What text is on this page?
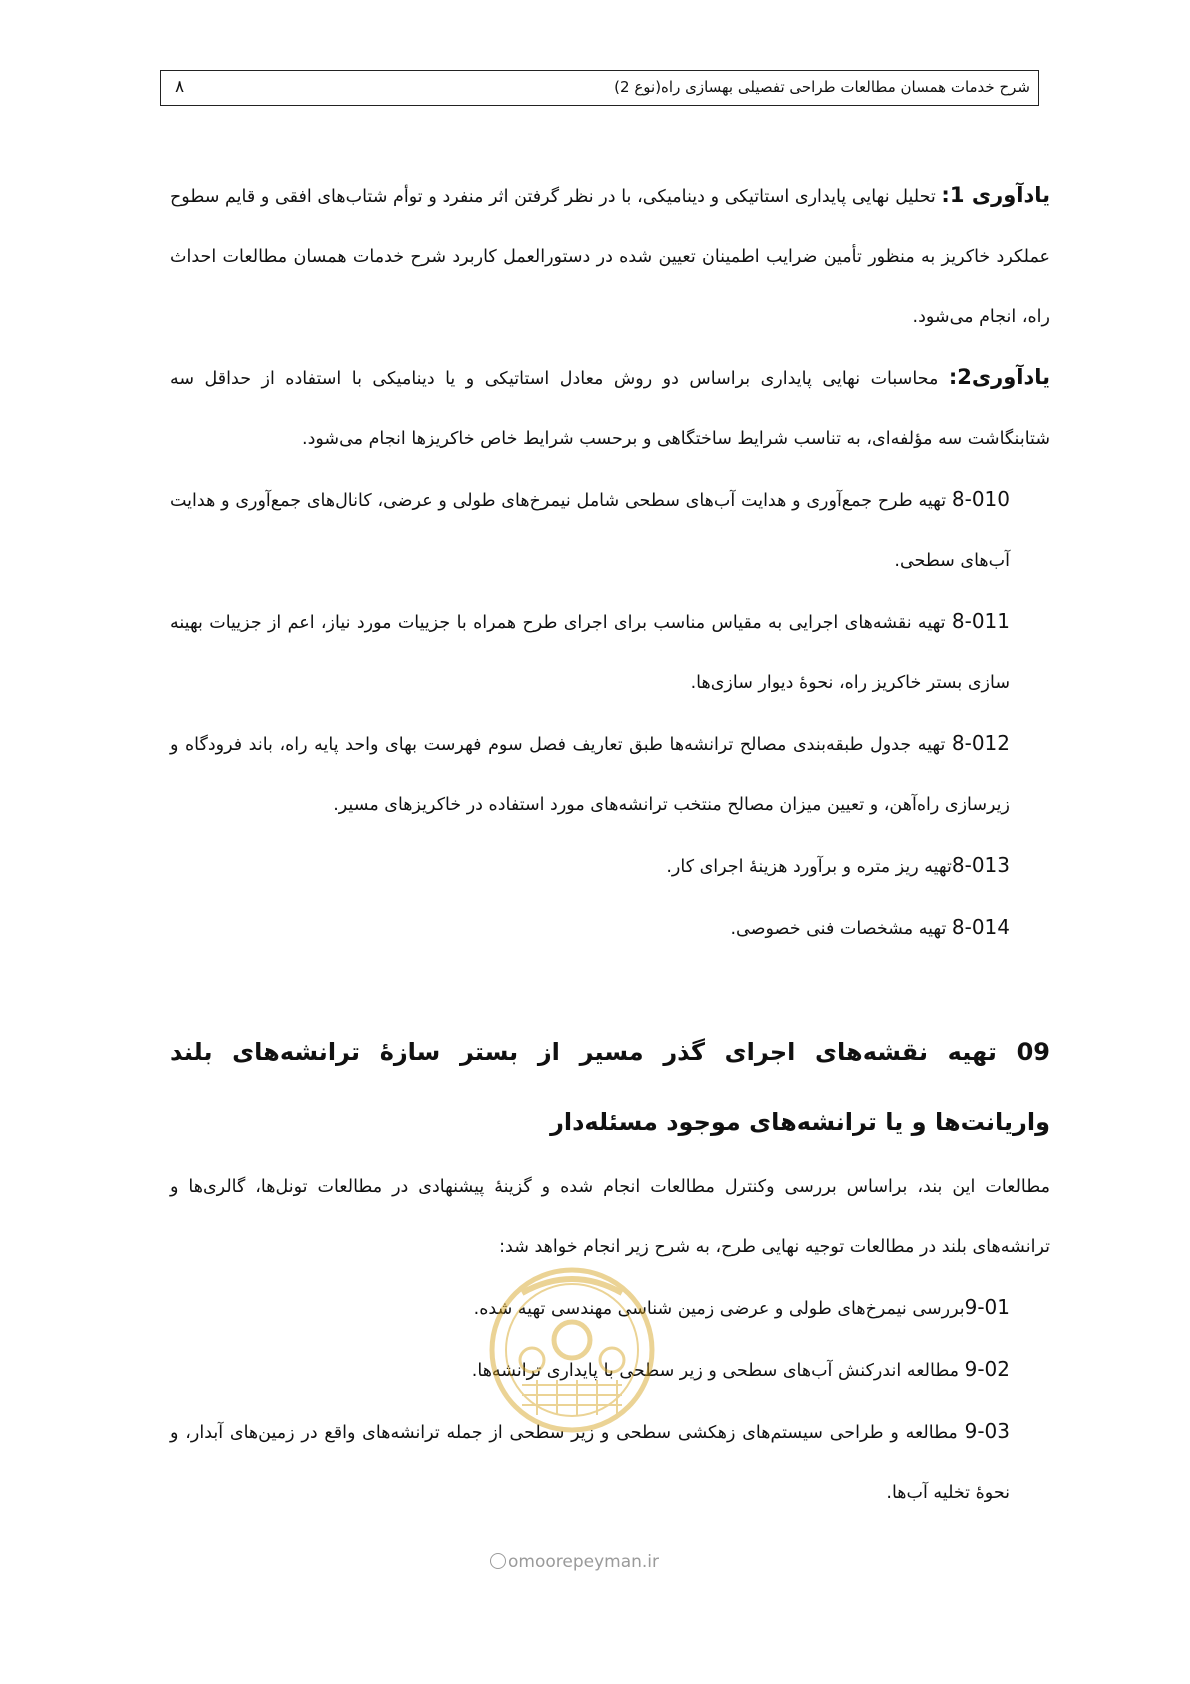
٨	شرح خدمات همسان مطالعات طراحی تفصیلی بهسازی راه(نوع 2)

یادآوری 1: تحلیل نهایی پایداری استاتیکی و دینامیکی، با در نظر گرفتن اثر منفرد و توأم شتاب‌های افقی و قایم سطوح عملکرد خاکریز به منظور تأمین ضرایب اطمینان تعیین شده در دستورالعمل کاربرد شرح خدمات همسان مطالعات احداث راه، انجام می‌شود.

یادآوری2: محاسبات نهایی پایداری براساس دو روش معادل استاتیکی و یا دینامیکی با استفاده از حداقل سه شتابنگاشت سه مؤلفه‌ای، به تناسب شرایط ساختگاهی و برحسب شرایط خاص خاکریزها انجام می‌شود.

8-010 تهیه طرح جمع‌آوری و هدایت آب‌های سطحی شامل نیمرخ‌های طولی و عرضی، کانال‌های جمع‌آوری و هدایت آب‌های سطحی.

8-011 تهیه نقشه‌های اجرایی به مقیاس مناسب برای اجرای طرح همراه با جزییات مورد نیاز، اعم از جزییات بهینه سازی بستر خاکریز راه، نحوهٔ دیوار سازی‌ها.

8-012 تهیه جدول طبقه‌بندی مصالح ترانشه‌ها طبق تعاریف فصل سوم فهرست بهای واحد پایه راه، باند فرودگاه و زیرسازی راه‌آهن، و تعیین میزان مصالح منتخب ترانشه‌های مورد استفاده در خاکریزهای مسیر.

8-013تهیه ریز متره و برآورد هزینهٔ اجرای کار.

8-014 تهیه مشخصات فنی خصوصی.

09 تهیه نقشه‌های اجرای گذر مسیر از بستر سازهٔ ترانشه‌های بلند واریانت‌ها و یا ترانشه‌های موجود مسئله‌دار

مطالعات این بند، براساس بررسی وکنترل مطالعات انجام شده و گزینهٔ پیشنهادی در مطالعات تونل‌ها، گالری‌ها و ترانشه‌های بلند در مطالعات توجیه نهایی طرح، به شرح زیر انجام خواهد شد:

9-01بررسی نیمرخ‌های طولی و عرضی زمین شناسی مهندسی تهیه شده.

9-02 مطالعه اندرکنش آب‌های سطحی و زیر سطحی با پایداری ترانشه‌ها.

9-03 مطالعه و طراحی سیستم‌های زهکشی سطحی و زیر سطحی از جمله ترانشه‌های واقع در زمین‌های آبدار، و نحوهٔ تخلیه آب‌ها.

omoorepeyman.ir
